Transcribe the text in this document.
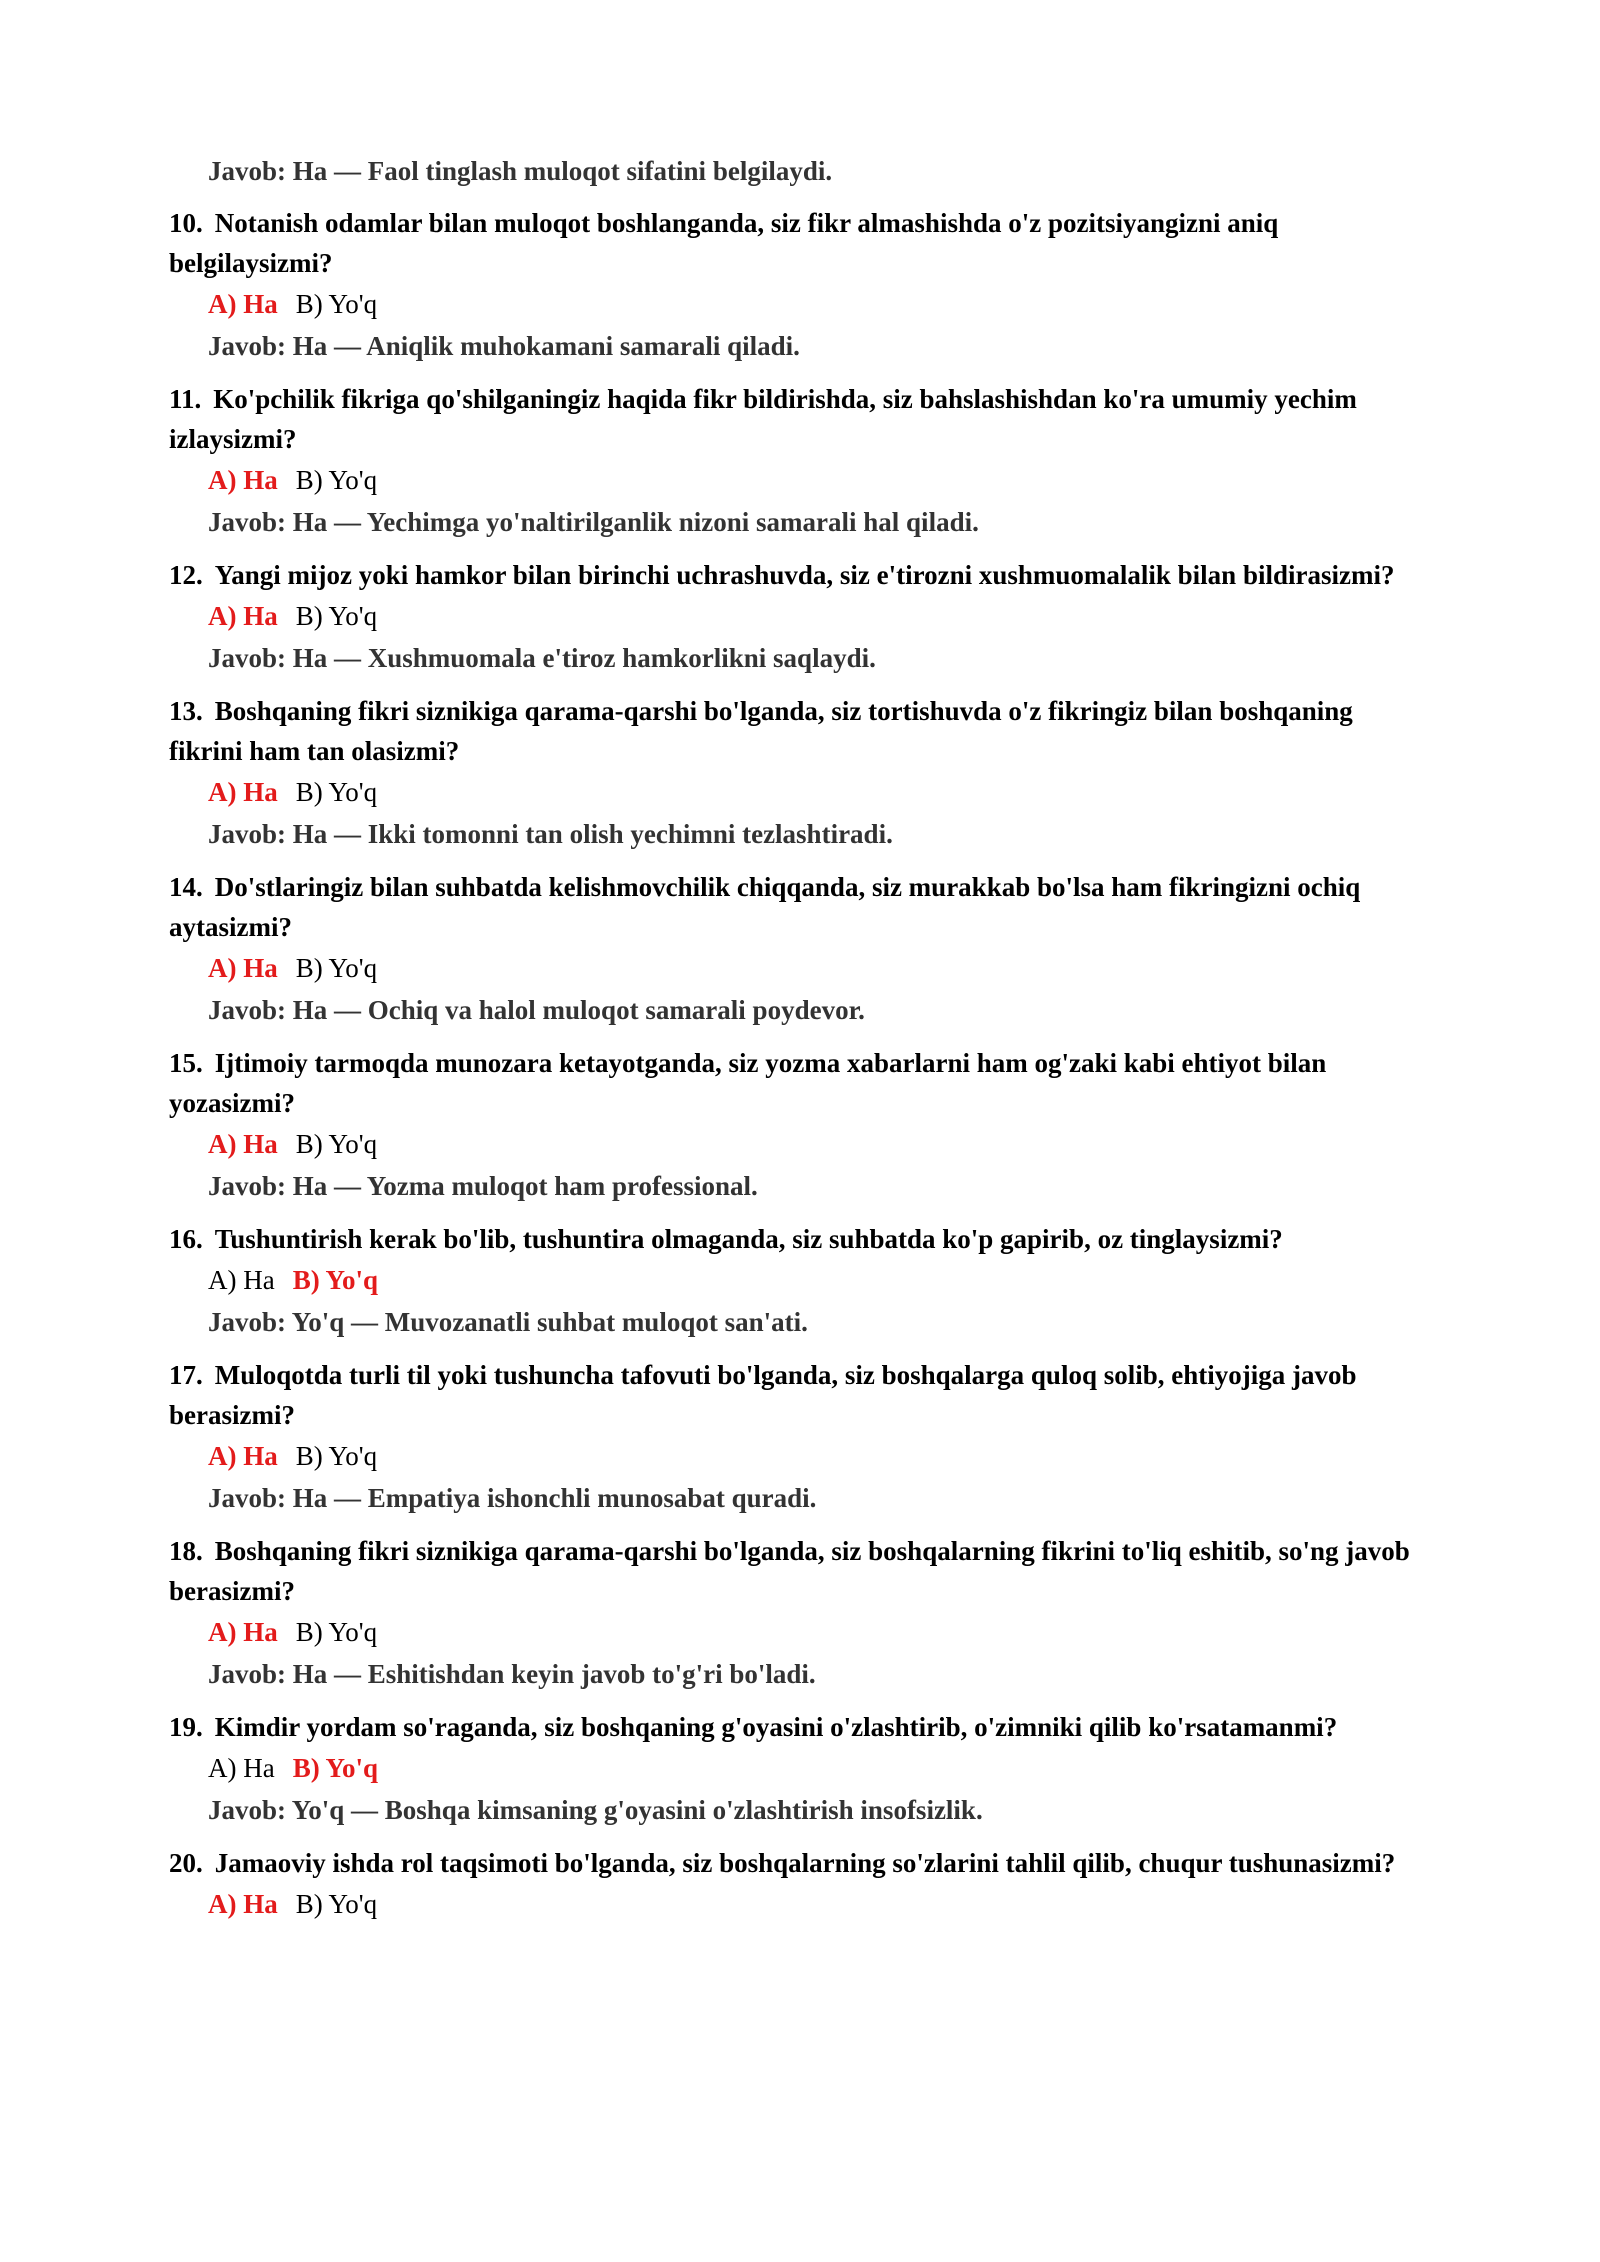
Javob: Ha — Faol tinglash muloqot sifatini belgilaydi.
10. Notanish odamlar bilan muloqot boshlanganda, siz fikr almashishda o'z pozitsiyangizni aniq belgilaysizmi?
A) Ha B) Yo'q
Javob: Ha — Aniqlik muhokamani samarali qiladi.
11. Ko'pchilik fikriga qo'shilganingiz haqida fikr bildirishda, siz bahslashishdan ko'ra umumiy yechim izlaysizmi?
A) Ha B) Yo'q
Javob: Ha — Yechimga yo'naltirilganlik nizoni samarali hal qiladi.
12. Yangi mijoz yoki hamkor bilan birinchi uchrashuvda, siz e'tirozni xushmuomalalik bilan bildirasizmi?
A) Ha B) Yo'q
Javob: Ha — Xushmuomala e'tiroz hamkorlikni saqlaydi.
13. Boshqaning fikri siznikiga qarama-qarshi bo'lganda, siz tortishuvda o'z fikringiz bilan boshqaning fikrini ham tan olasizmi?
A) Ha B) Yo'q
Javob: Ha — Ikki tomonni tan olish yechimni tezlashtiradi.
14. Do'stlaringiz bilan suhbatda kelishmovchilik chiqqanda, siz murakkab bo'lsa ham fikringizni ochiq aytasizmi?
A) Ha B) Yo'q
Javob: Ha — Ochiq va halol muloqot samarali poydevor.
15. Ijtimoiy tarmoqda munozara ketayotganda, siz yozma xabarlarni ham og'zaki kabi ehtiyot bilan yozasizmi?
A) Ha B) Yo'q
Javob: Ha — Yozma muloqot ham professional.
16. Tushuntirish kerak bo'lib, tushuntira olmaganda, siz suhbatda ko'p gapirib, oz tinglaysizmi?
A) Ha B) Yo'q
Javob: Yo'q — Muvozanatli suhbat muloqot san'ati.
17. Muloqotda turli til yoki tushuncha tafovuti bo'lganda, siz boshqalarga quloq solib, ehtiyojiga javob berasizmi?
A) Ha B) Yo'q
Javob: Ha — Empatiya ishonchli munosabat quradi.
18. Boshqaning fikri siznikiga qarama-qarshi bo'lganda, siz boshqalarning fikrini to'liq eshitib, so'ng javob berasizmi?
A) Ha B) Yo'q
Javob: Ha — Eshitishdan keyin javob to'g'ri bo'ladi.
19. Kimdir yordam so'raganda, siz boshqaning g'oyasini o'zlashtirib, o'zimniki qilib ko'rsatamanmi?
A) Ha B) Yo'q
Javob: Yo'q — Boshqa kimsaning g'oyasini o'zlashtirish insofsizlik.
20. Jamaoviy ishda rol taqsimoti bo'lganda, siz boshqalarning so'zlarini tahlil qilib, chuqur tushunasizmi?
A) Ha B) Yo'q
